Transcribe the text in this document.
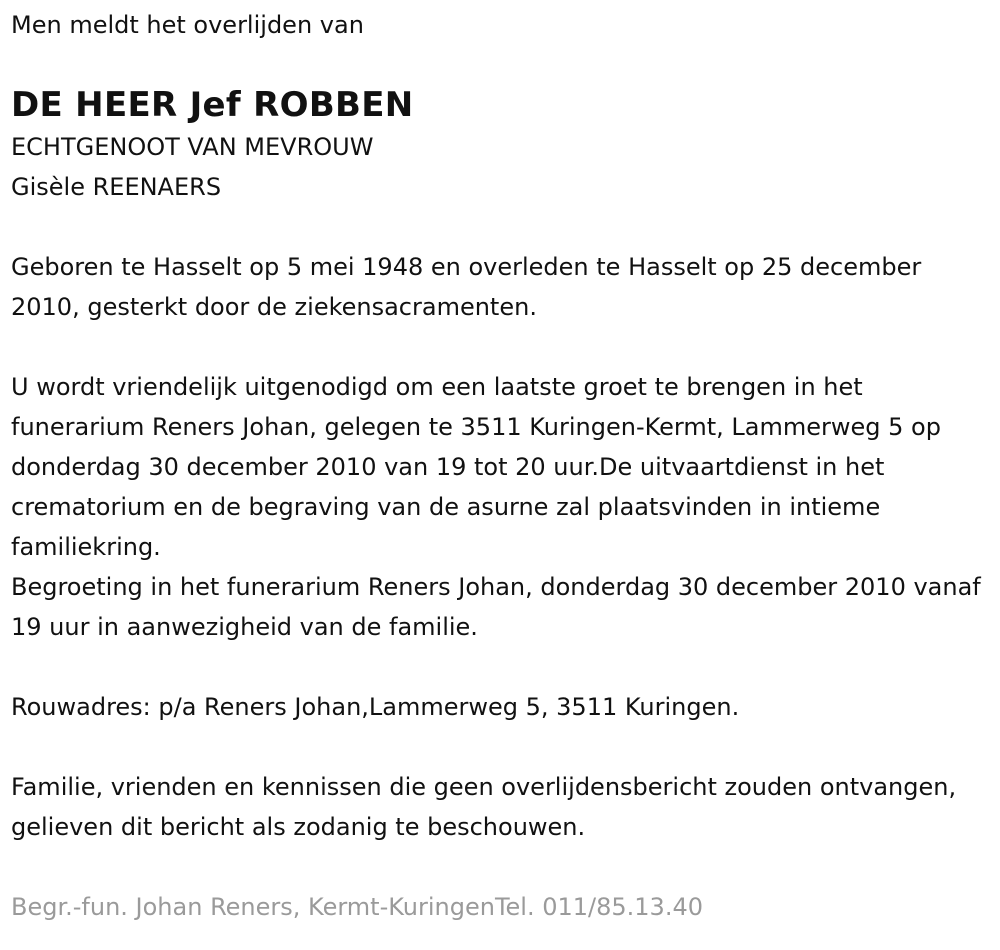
Men meldt het overlijden van

DE HEER Jef ROBBEN

ECHTGENOOT VAN MEVROUW

Gisèle REENAERS

Geboren te Hasselt op 5 mei 1948 en overleden te Hasselt op 25 december 2010, gesterkt door de ziekensacramenten.

U wordt vriendelijk uitgenodigd om een laatste groet te brengen in het funerarium Reners Johan, gelegen te 3511 Kuringen-Kermt, Lammerweg 5 op donderdag 30 december 2010 van 19 tot 20 uur.De uitvaartdienst in het crematorium en de begraving van de asurne zal plaatsvinden in intieme familiekring.

Begroeting in het funerarium Reners Johan, donderdag 30 december 2010 vanaf 19 uur in aanwezigheid van de familie.

Rouwadres: p/a Reners Johan,Lammerweg 5, 3511 Kuringen.

Familie, vrienden en kennissen die geen overlijdensbericht zouden ontvangen, gelieven dit bericht als zodanig te beschouwen.

Begr.-fun. Johan Reners, Kermt-KuringenTel. 011/85.13.40
